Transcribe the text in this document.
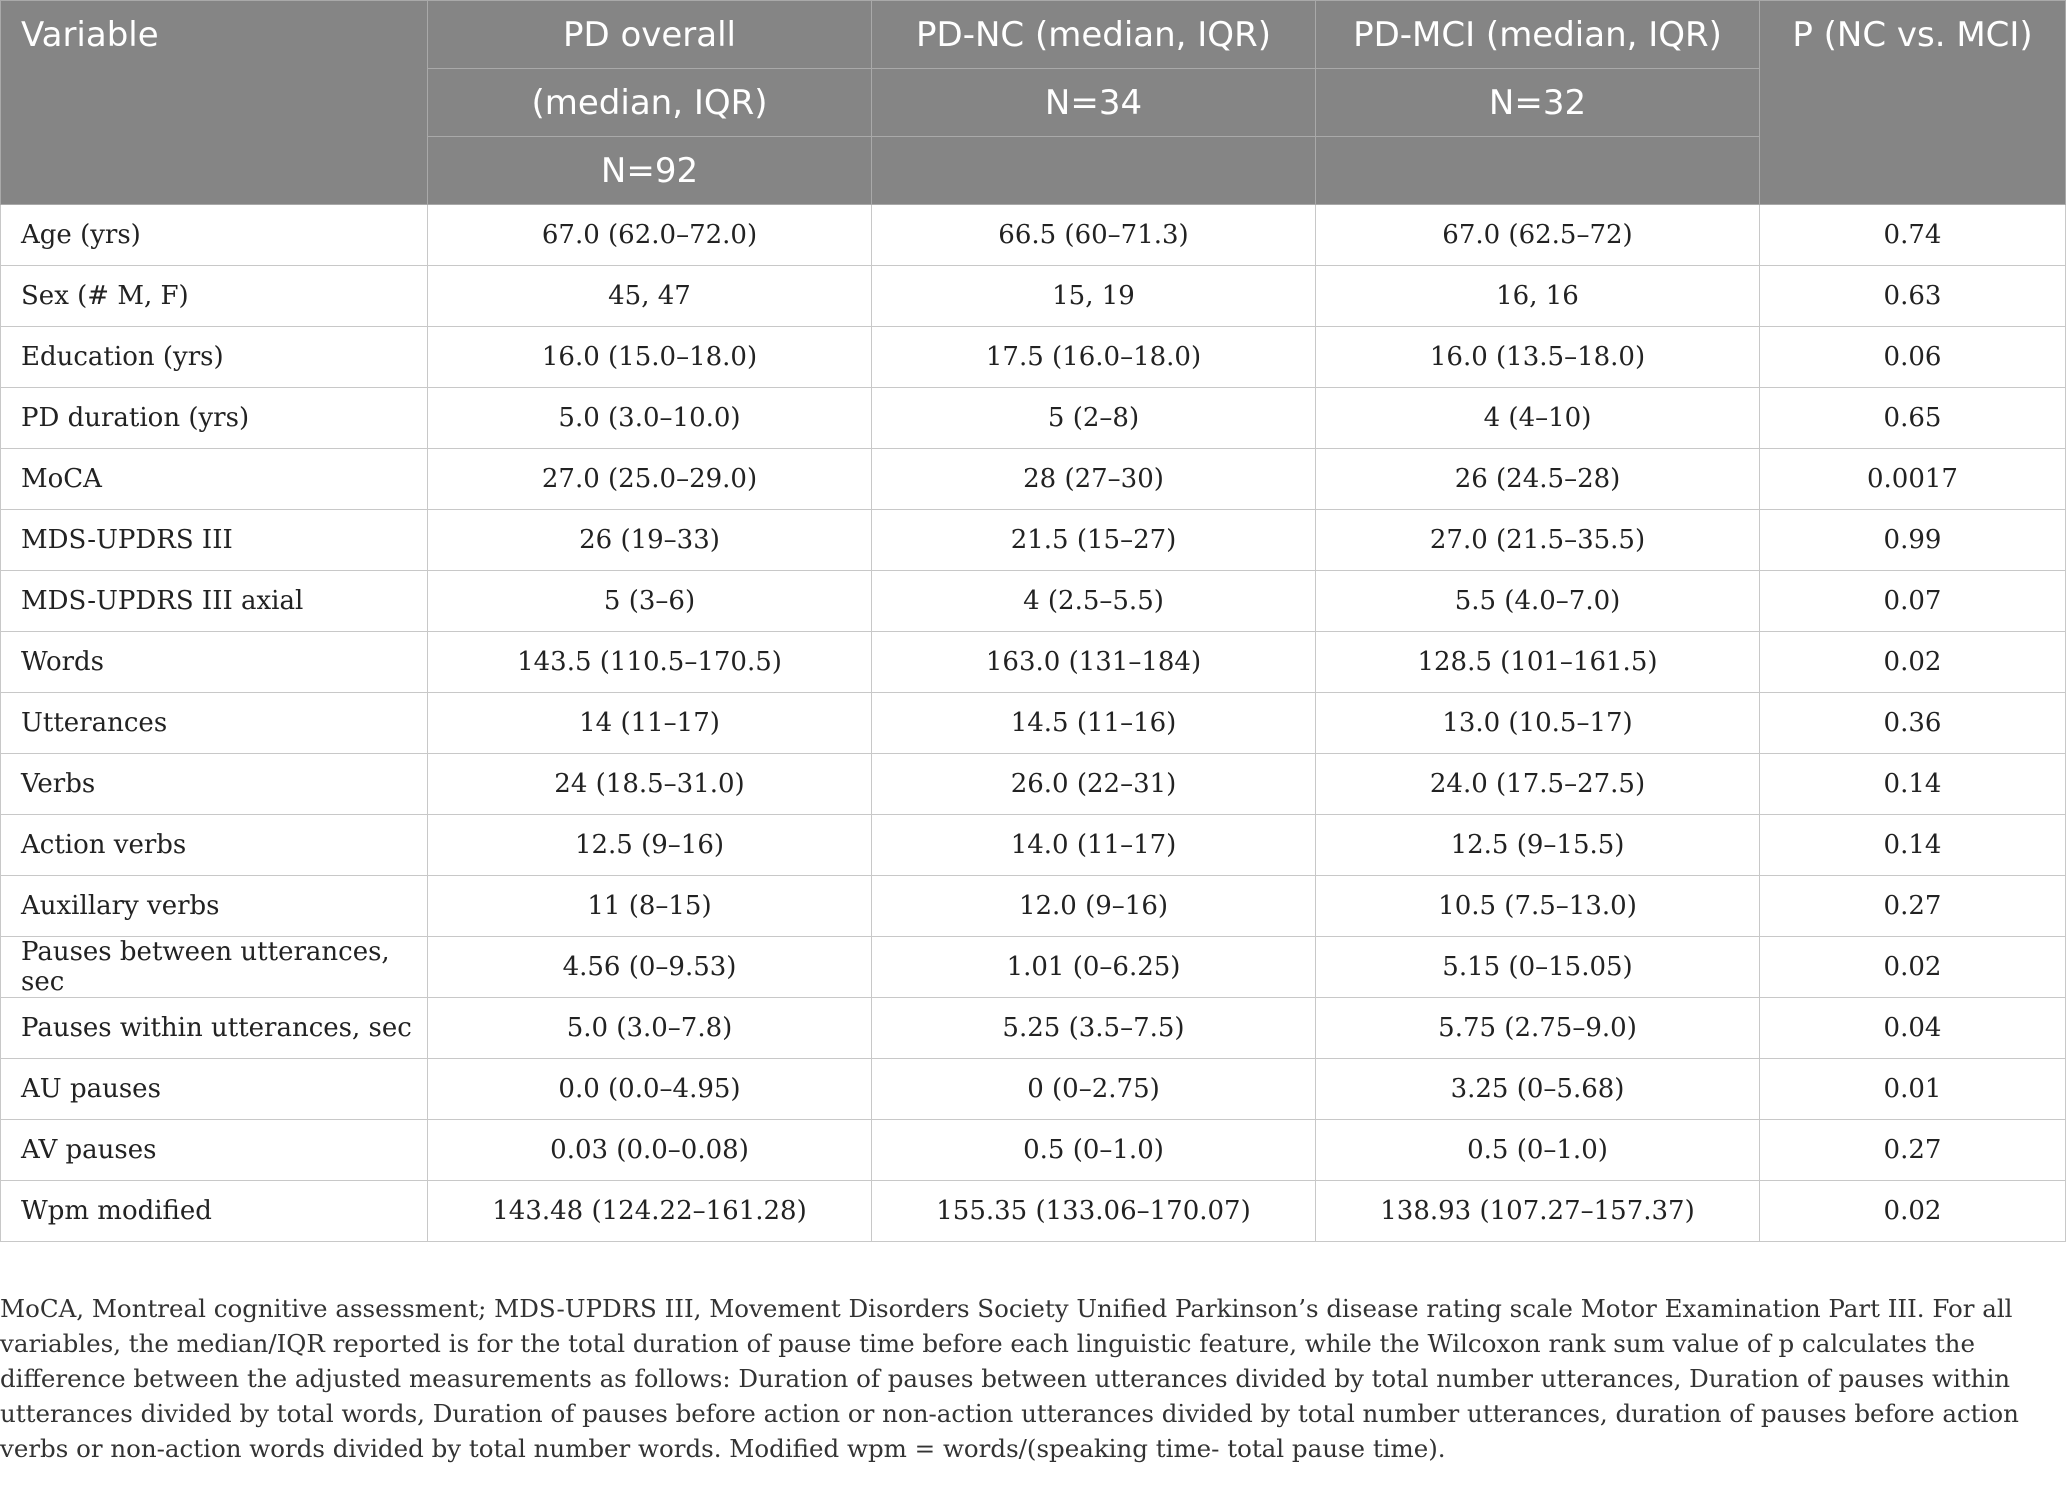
Variable	PD overall	PD-NC (median, IQR)	PD-MCI (median, IQR)	P (NC vs. MCI)
	(median, IQR)	N=34	N=32	
	N=92			
Age (yrs)	67.0 (62.0–72.0)	66.5 (60–71.3)	67.0 (62.5–72)	0.74
Sex (# M, F)	45, 47	15, 19	16, 16	0.63
Education (yrs)	16.0 (15.0–18.0)	17.5 (16.0–18.0)	16.0 (13.5–18.0)	0.06
PD duration (yrs)	5.0 (3.0–10.0)	5 (2–8)	4 (4–10)	0.65
MoCA	27.0 (25.0–29.0)	28 (27–30)	26 (24.5–28)	0.0017
MDS-UPDRS III	26 (19–33)	21.5 (15–27)	27.0 (21.5–35.5)	0.99
MDS-UPDRS III axial	5 (3–6)	4 (2.5–5.5)	5.5 (4.0–7.0)	0.07
Words	143.5 (110.5–170.5)	163.0 (131–184)	128.5 (101–161.5)	0.02
Utterances	14 (11–17)	14.5 (11–16)	13.0 (10.5–17)	0.36
Verbs	24 (18.5–31.0)	26.0 (22–31)	24.0 (17.5–27.5)	0.14
Action verbs	12.5 (9–16)	14.0 (11–17)	12.5 (9–15.5)	0.14
Auxillary verbs	11 (8–15)	12.0 (9–16)	10.5 (7.5–13.0)	0.27
Pauses between utterances, sec	4.56 (0–9.53)	1.01 (0–6.25)	5.15 (0–15.05)	0.02
Pauses within utterances, sec	5.0 (3.0–7.8)	5.25 (3.5–7.5)	5.75 (2.75–9.0)	0.04
AU pauses	0.0 (0.0–4.95)	0 (0–2.75)	3.25 (0–5.68)	0.01
AV pauses	0.03 (0.0–0.08)	0.5 (0–1.0)	0.5 (0–1.0)	0.27
Wpm modified	143.48 (124.22–161.28)	155.35 (133.06–170.07)	138.93 (107.27–157.37)	0.02

MoCA, Montreal cognitive assessment; MDS-UPDRS III, Movement Disorders Society Unified Parkinson’s disease rating scale Motor Examination Part III. For all variables, the median/IQR reported is for the total duration of pause time before each linguistic feature, while the Wilcoxon rank sum value of p calculates the difference between the adjusted measurements as follows: Duration of pauses between utterances divided by total number utterances, Duration of pauses within utterances divided by total words, Duration of pauses before action or non-action utterances divided by total number utterances, duration of pauses before action verbs or non-action words divided by total number words. Modified wpm = words/(speaking time- total pause time).
